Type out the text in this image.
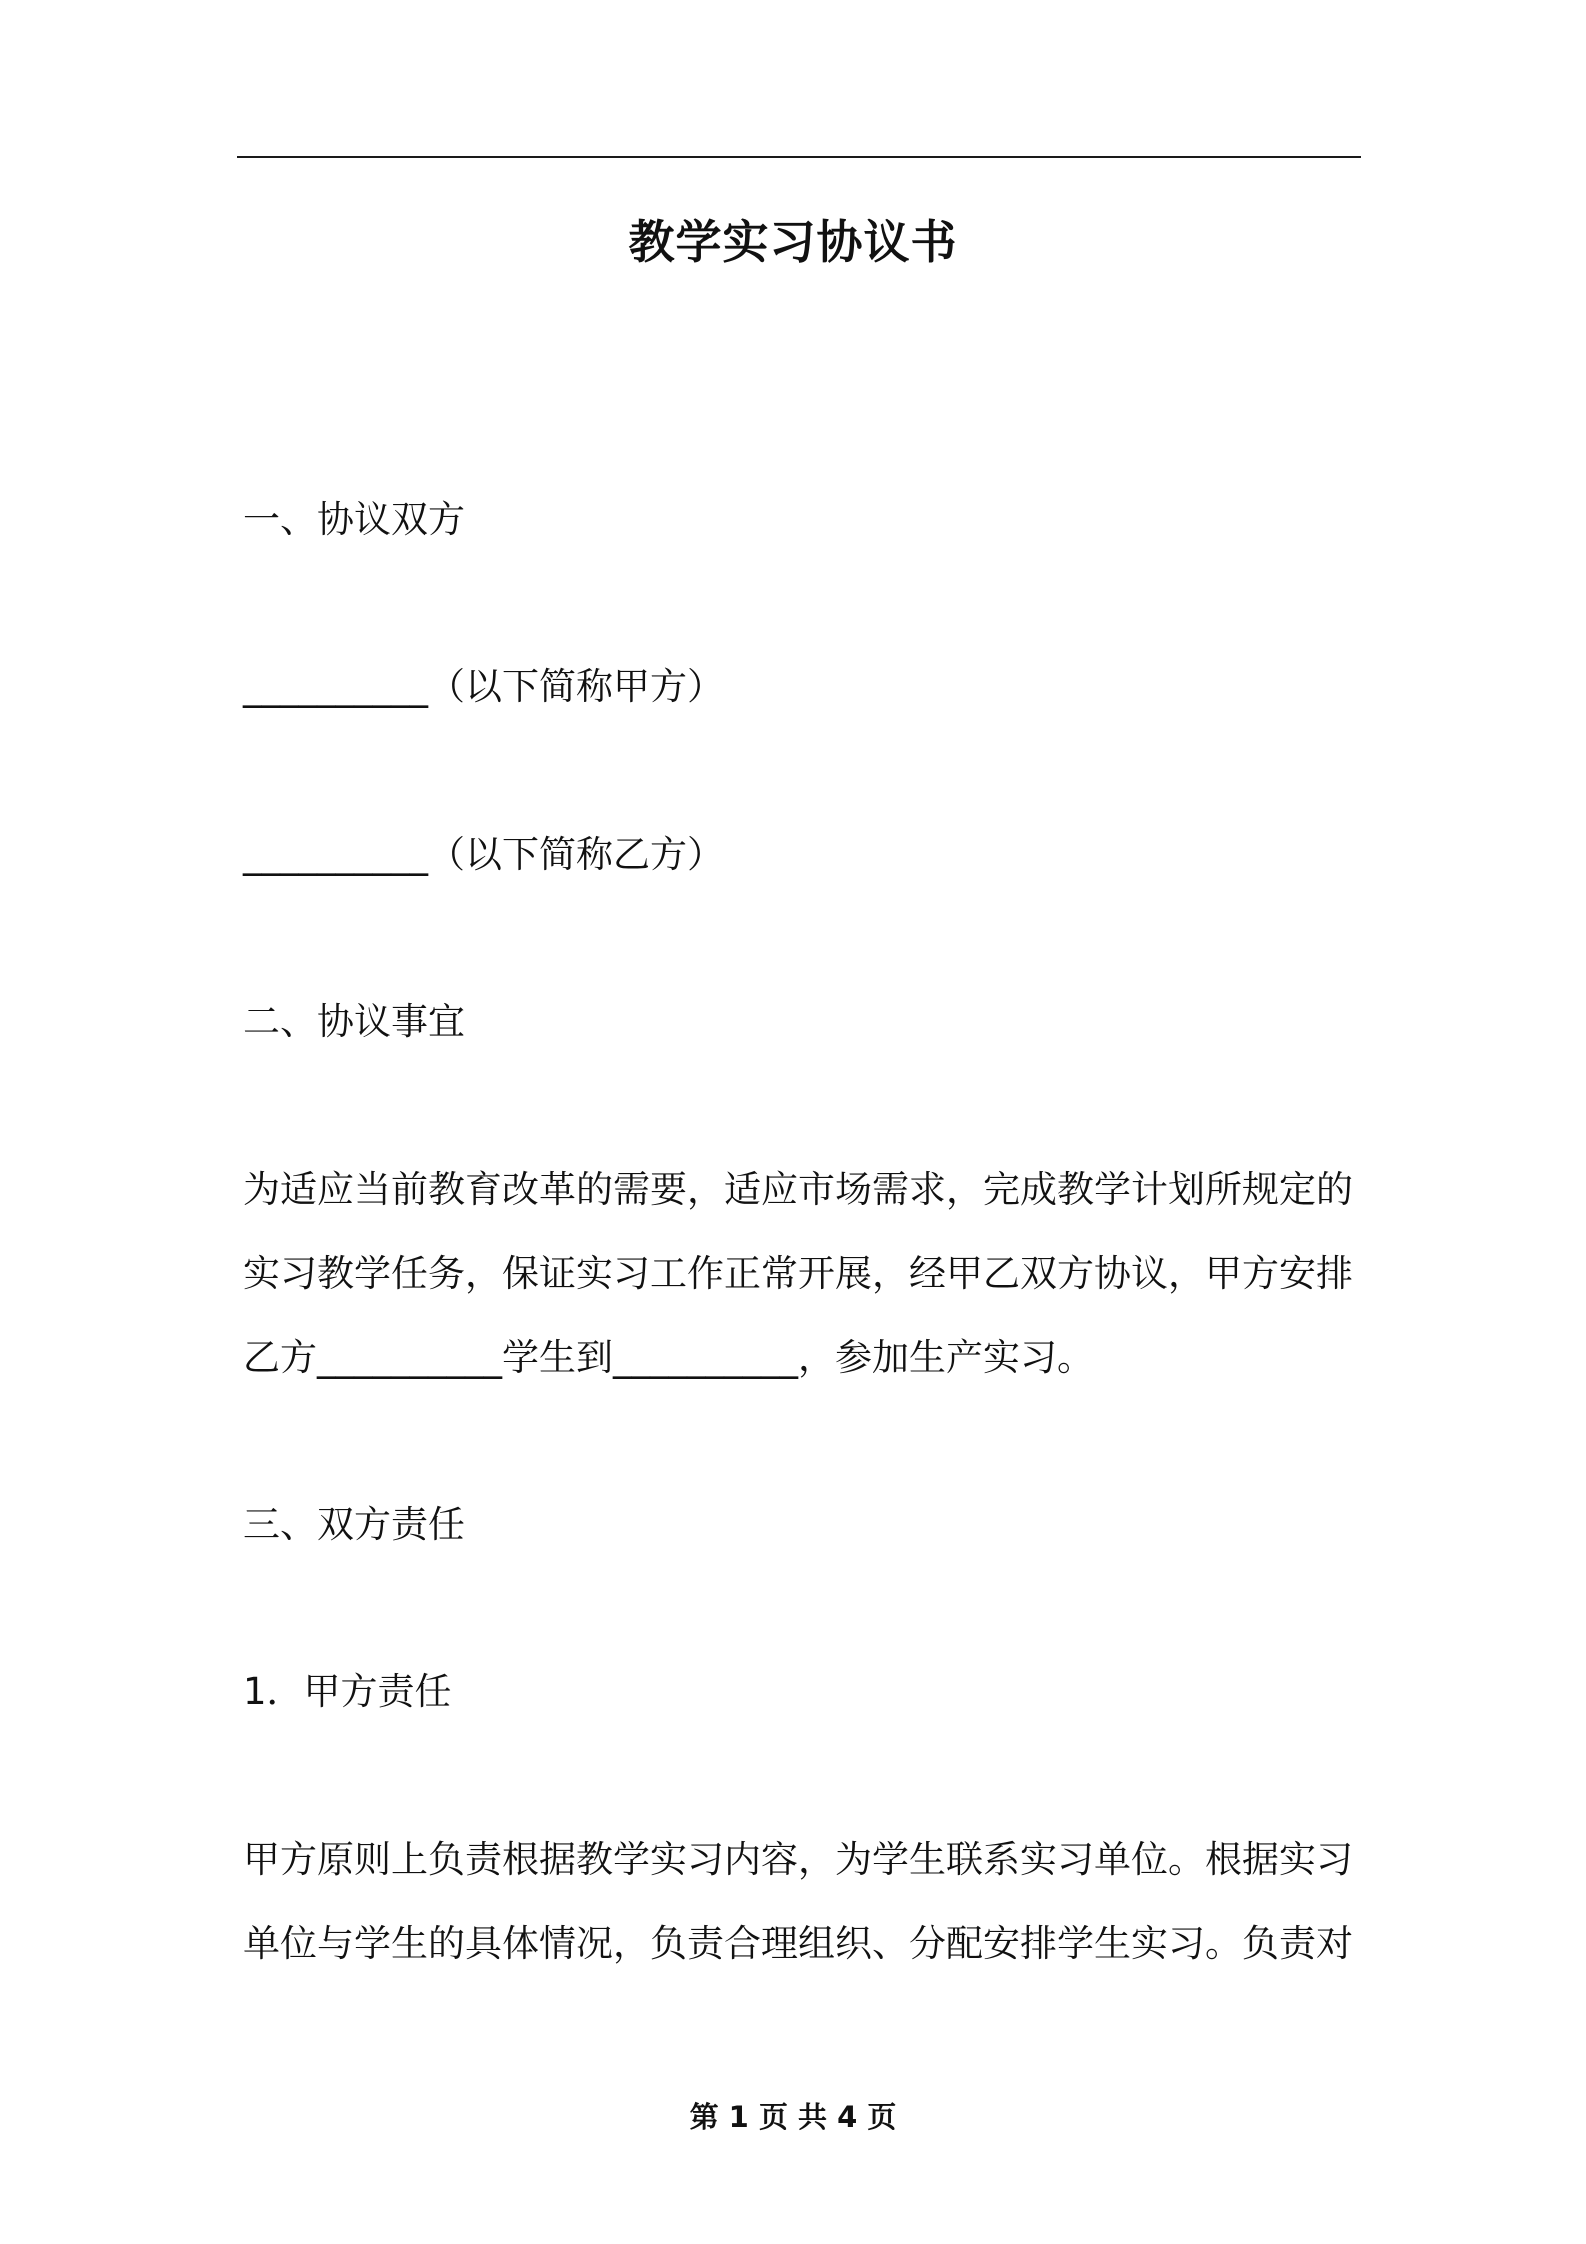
教学实习协议书
一、协议双方
__________（以下简称甲方）
__________（以下简称乙方）
二、协议事宜
为适应当前教育改革的需要，适应市场需求，完成教学计划所规定的
实习教学任务，保证实习工作正常开展，经甲乙双方协议，甲方安排
乙方__________学生到__________，参加生产实习。
三、双方责任
1．甲方责任
甲方原则上负责根据教学实习内容，为学生联系实习单位。根据实习
单位与学生的具体情况，负责合理组织、分配安排学生实习。负责对
第 1 页 共 4 页
